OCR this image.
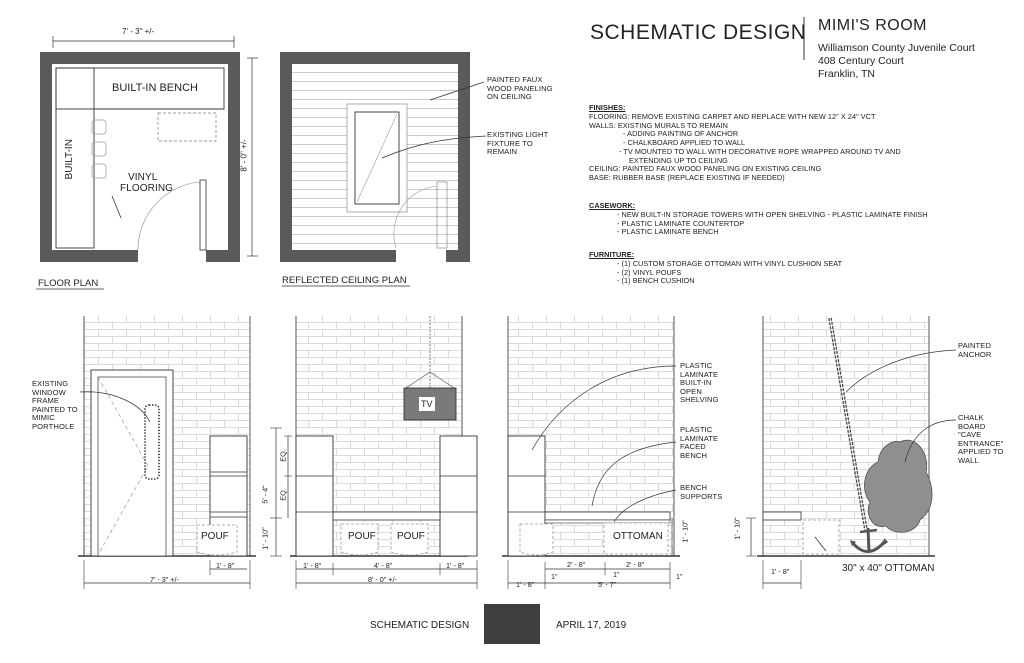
SCHEMATIC DESIGN MIMI'S ROOM
Williamson County Juvenile Court
408 Century Court
Franklin, TN
FINISHES:
FLOORING: REMOVE EXISTING CARPET AND REPLACE WITH NEW 12" X 24" VCT
WALLS: EXISTING MURALS TO REMAIN
- ADDING PAINTING OF ANCHOR
- CHALKBOARD APPLIED TO WALL
- TV MOUNTED TO WALL WITH DECORATIVE ROPE WRAPPED AROUND TV AND
EXTENDING UP TO CEILING
CEILING: PAINTED FAUX WOOD PANELING ON EXISTING CEILING
BASE: RUBBER BASE (REPLACE EXISTING IF NEEDED)
CASEWORK:
- NEW BUILT-IN STORAGE TOWERS WITH OPEN SHELVING - PLASTIC LAMINATE FINISH
- PLASTIC LAMINATE COUNTERTOP
- PLASTIC LAMINATE BENCH
FURNITURE:
- (1) CUSTOM STORAGE OTTOMAN WITH VINYL CUSHION SEAT
- (2) VINYL POUFS
- (1) BENCH CUSHION
7' - 3" +/-
BUILT-IN BENCH
BUILT-IN	VINYL
FLOORING
8' - 0" +/-
FLOOR PLAN
PAINTED FAUX
WOOD PANELING
ON CEILING
EXISTING LIGHT
FIXTURE TO
REMAIN
REFLECTED CEILING PLAN
EXISTING
WINDOW
FRAME
PAINTED TO
MIMIC
PORTHOLE
POUF
1' - 8"
7' - 3" +/-
TV
POUF POUF
EQ.
EQ.
5' - 4"
1' - 10"
1' - 8"	4' - 8"	1' - 8"
8' - 0" +/-
PLASTIC
LAMINATE
BUILT-IN
OPEN
SHELVING
PLASTIC
LAMINATE
FACED
BENCH
BENCH
SUPPORTS
OTTOMAN 1' - 10"
2' - 8"	2' - 8"
1"	1"	1"
1' - 8"	5' - 7"
PAINTED
ANCHOR
CHALK
BOARD
"CAVE
ENTRANCE"
APPLIED TO
WALL
1' - 10"
1' - 8"	30" x 40" OTTOMAN
SCHEMATIC DESIGN	APRIL 17, 2019
